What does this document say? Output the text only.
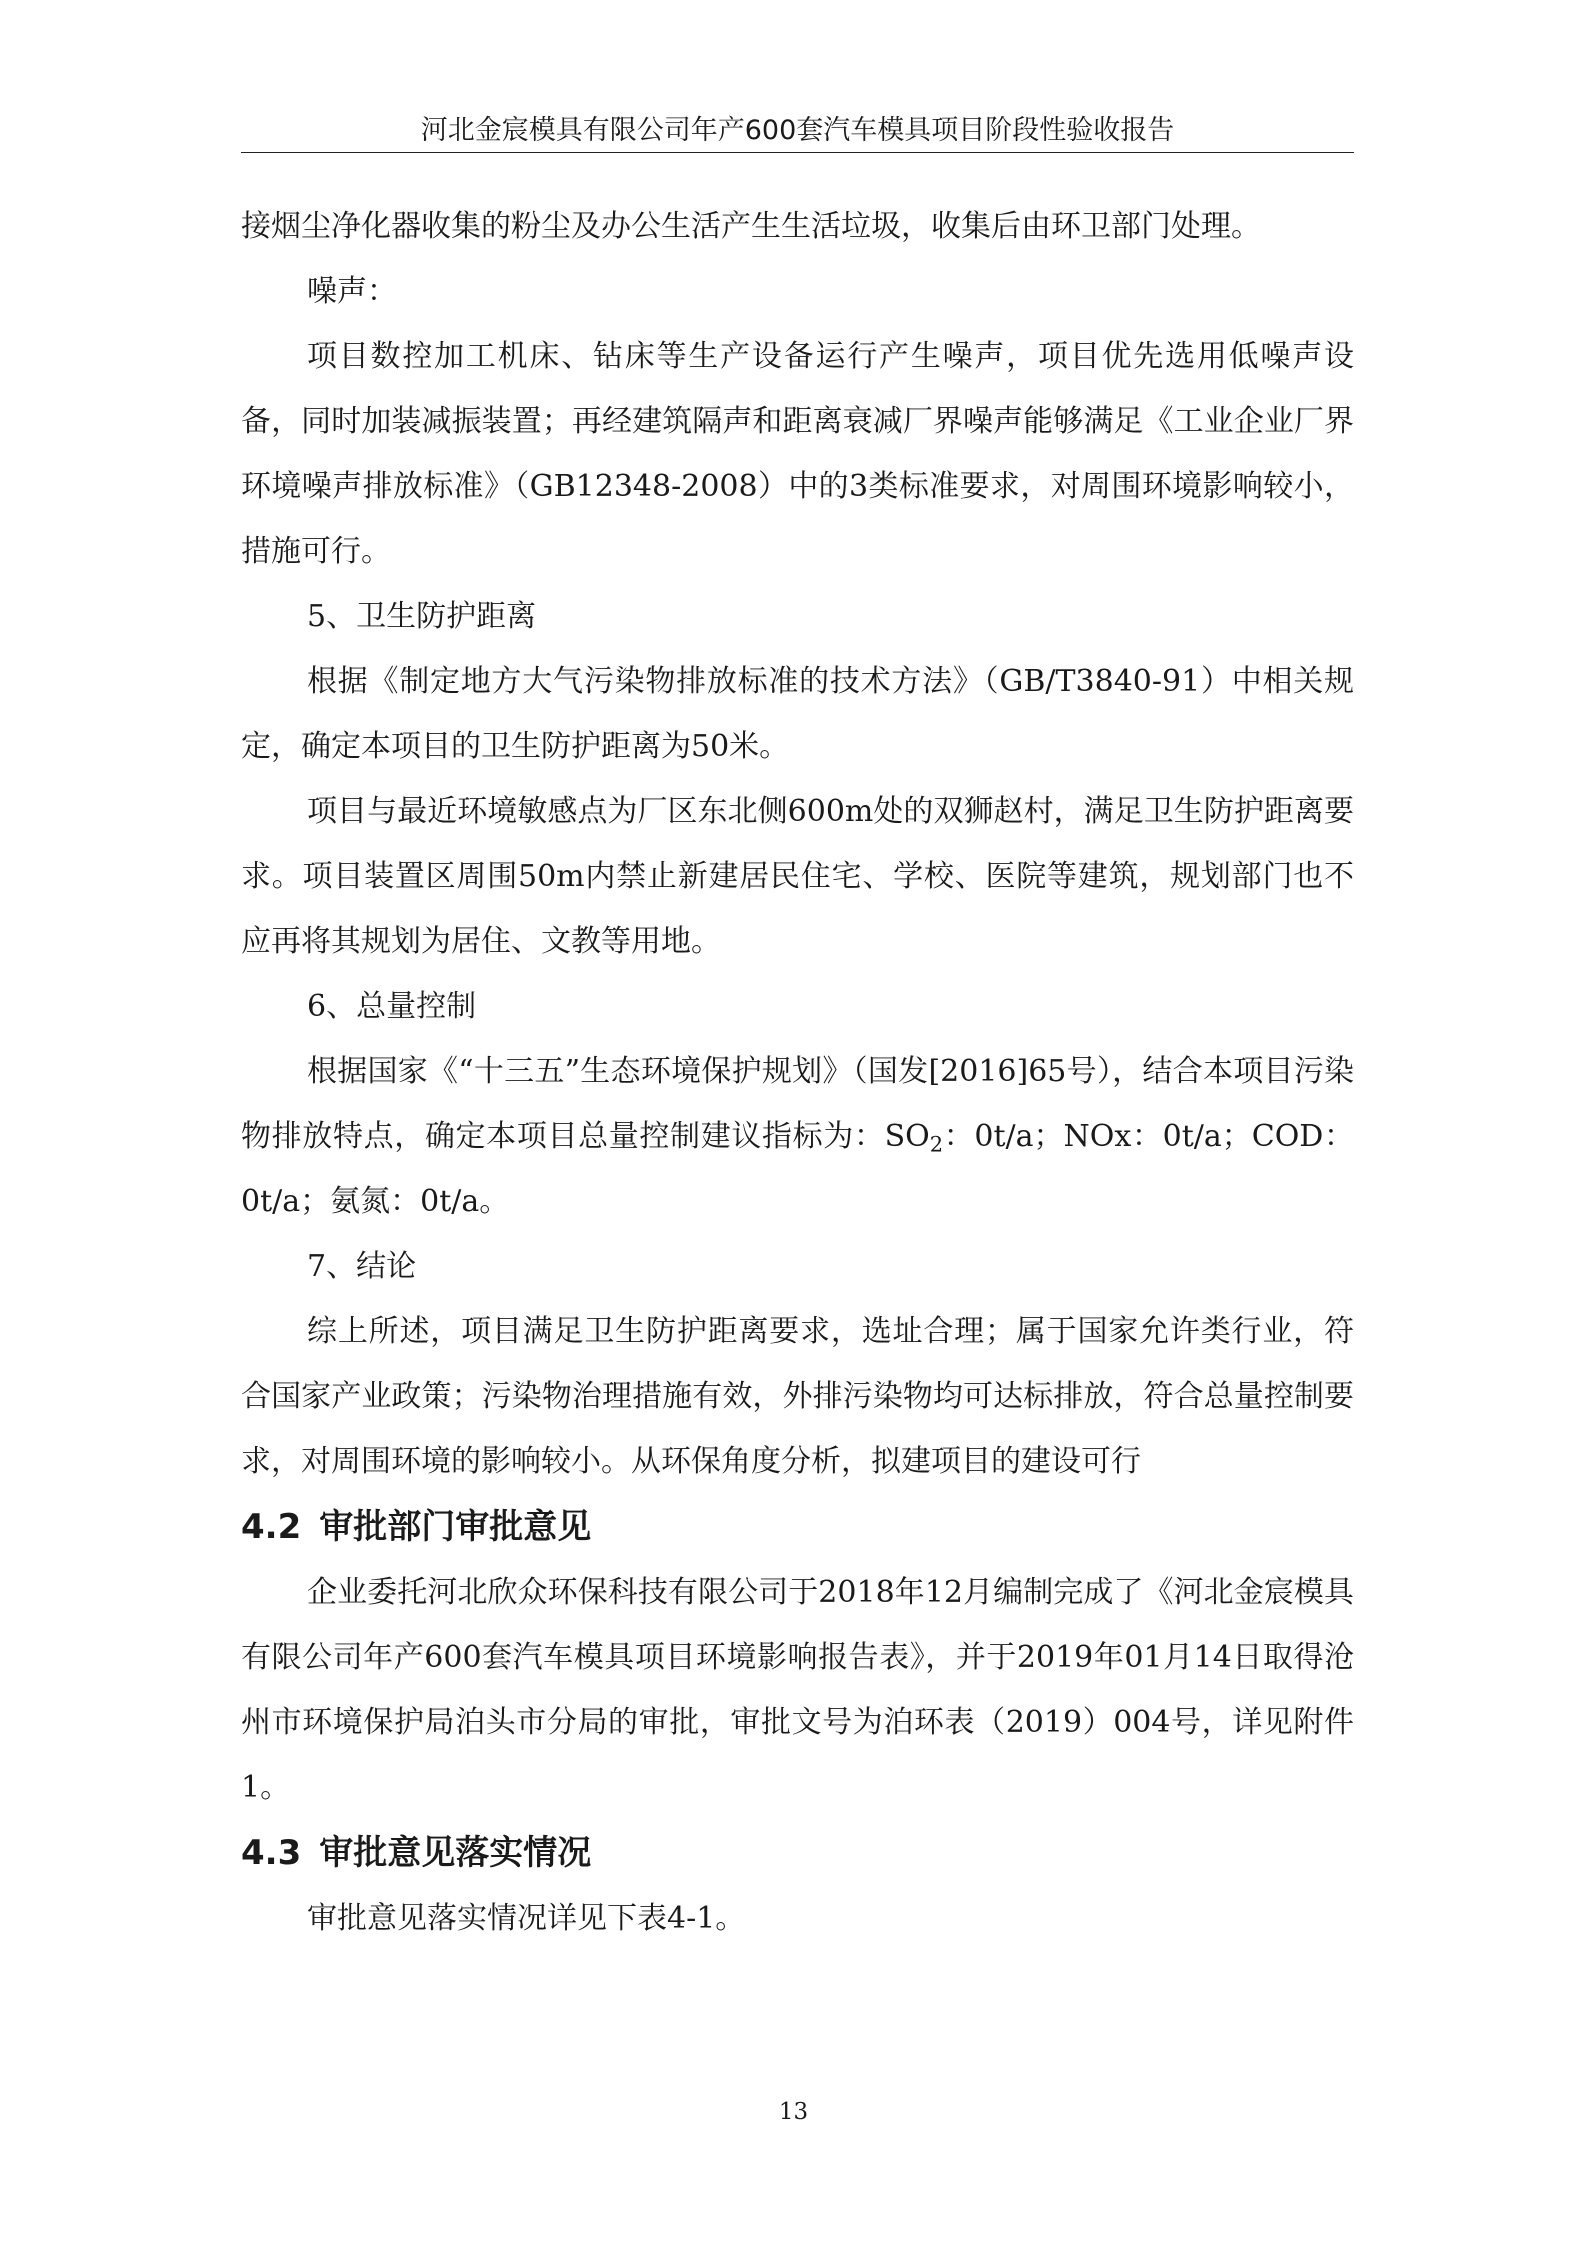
河北金宸模具有限公司年产600套汽车模具项目阶段性验收报告

接烟尘净化器收集的粉尘及办公生活产生生活垃圾，收集后由环卫部门处理。

噪声：

项目数控加工机床、钻床等生产设备运行产生噪声，项目优先选用低噪声设备，同时加装减振装置；再经建筑隔声和距离衰减厂界噪声能够满足《工业企业厂界环境噪声排放标准》（GB12348-2008）中的3类标准要求，对周围环境影响较小，措施可行。

5、卫生防护距离

根据《制定地方大气污染物排放标准的技术方法》（GB/T3840-91）中相关规定，确定本项目的卫生防护距离为50米。

项目与最近环境敏感点为厂区东北侧600m处的双狮赵村，满足卫生防护距离要求。项目装置区周围50m内禁止新建居民住宅、学校、医院等建筑，规划部门也不应再将其规划为居住、文教等用地。

6、总量控制

根据国家《“十三五”生态环境保护规划》（国发[2016]65号），结合本项目污染物排放特点，确定本项目总量控制建议指标为：$SO_2$：0t/a；NOx：0t/a；COD：0t/a；氨氮：0t/a。

7、结论

综上所述，项目满足卫生防护距离要求，选址合理；属于国家允许类行业，符合国家产业政策；污染物治理措施有效，外排污染物均可达标排放，符合总量控制要求，对周围环境的影响较小。从环保角度分析，拟建项目的建设可行

4.2 审批部门审批意见

企业委托河北欣众环保科技有限公司于2018年12月编制完成了《河北金宸模具有限公司年产600套汽车模具项目环境影响报告表》，并于2019年01月14日取得沧州市环境保护局泊头市分局的审批，审批文号为泊环表（2019）004号，详见附件1。

4.3 审批意见落实情况

审批意见落实情况详见下表4-1。

13
